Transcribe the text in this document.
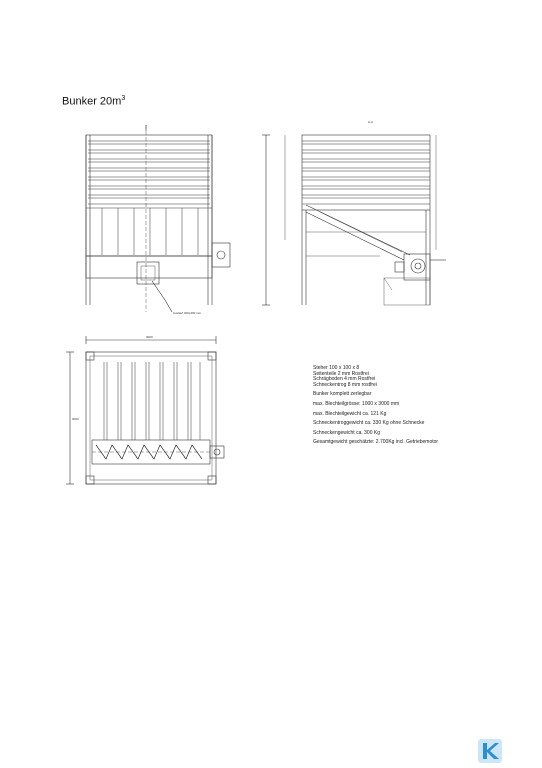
Bunker $20m^3$
Auslauf 400x400 mm
A-A
3000
3000
Steher 100 x 100 x 8
Seitenteile 2 mm Rostfrei
Schrägboden 4 mm Rostfrei
Schneckentrog 8 mm rostfrei
Bunker komplett zerlegbar
max. Blechteilgrösse: 1000 x 3000 mm
max. Blechteilgewicht ca. 121 Kg
Schneckentroggewicht ca. 330 Kg ohne Schnecke
Schneckengewicht ca. 300 Kg
Gesamtgewicht geschätzte: 2.700Kg incl. Getriebemotor
